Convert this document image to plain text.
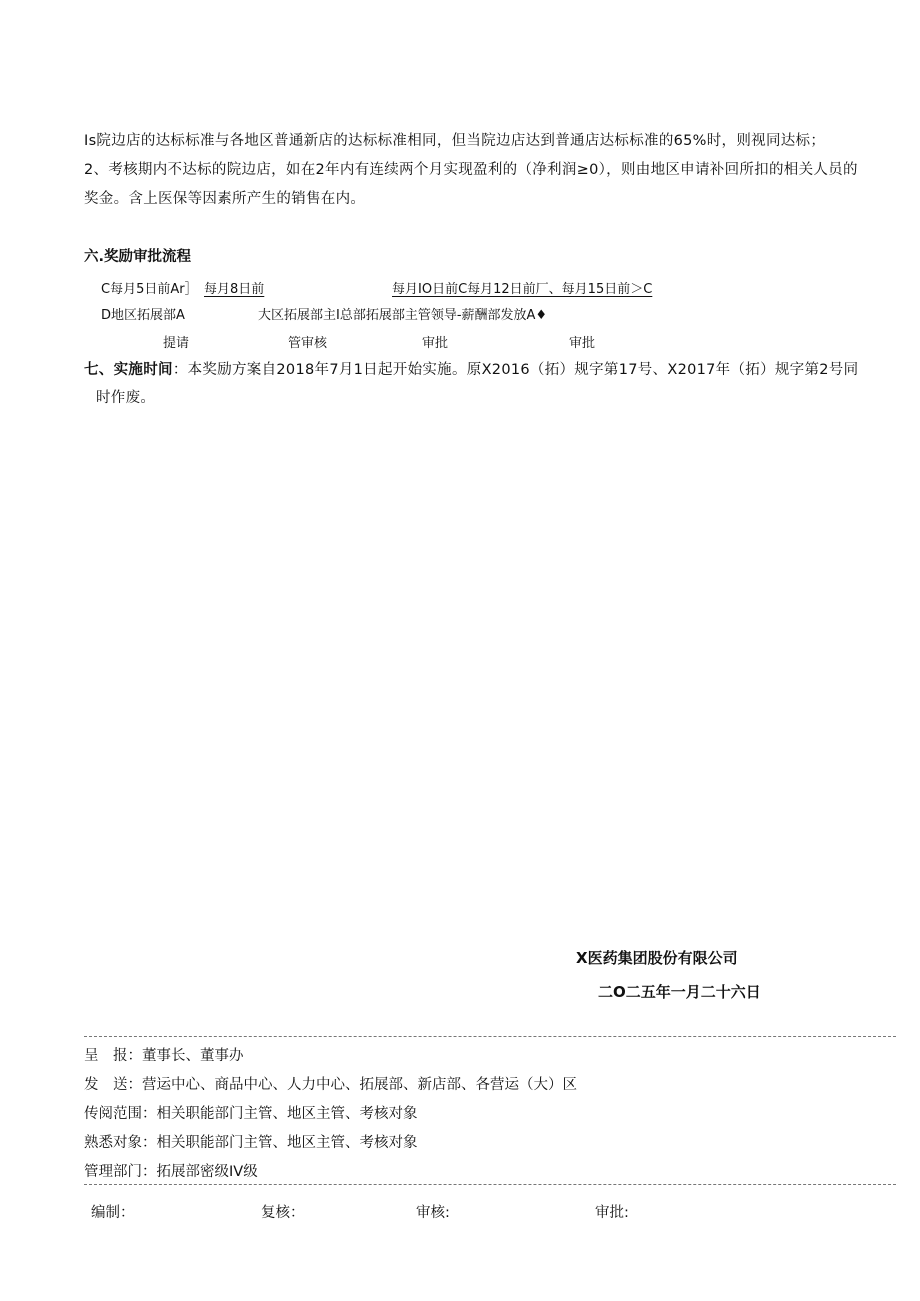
Is院边店的达标标准与各地区普通新店的达标标准相同，但当院边店达到普通店达标标准的65%时，则视同达标；
2、考核期内不达标的院边店，如在2年内有连续两个月实现盈利的（净利润≥0），则由地区申请补回所扣的相关人员的
奖金。含上医保等因素所产生的销售在内。
六.奖励审批流程
C每月5日前Ar］ 每月8日前	每月IO日前C每月12日前厂、每月15日前＞C
D地区拓展部A	大区拓展部主I总部拓展部主管领导-薪酬部发放A♦
提请	管审核	审批	审批
七、实施时间：本奖励方案自2018年7月1日起开始实施。原X2016（拓）规字第17号、X2017年（拓）规字第2号同
时作废。
X医药集团股份有限公司
二O二五年一月二十六日
呈　报：董事长、董事办
发　送：营运中心、商品中心、人力中心、拓展部、新店部、各营运（大）区
传阅范围：相关职能部门主管、地区主管、考核对象
熟悉对象：相关职能部门主管、地区主管、考核对象
管理部门：拓展部密级IV级
编制：	复核：	审核:	审批:
